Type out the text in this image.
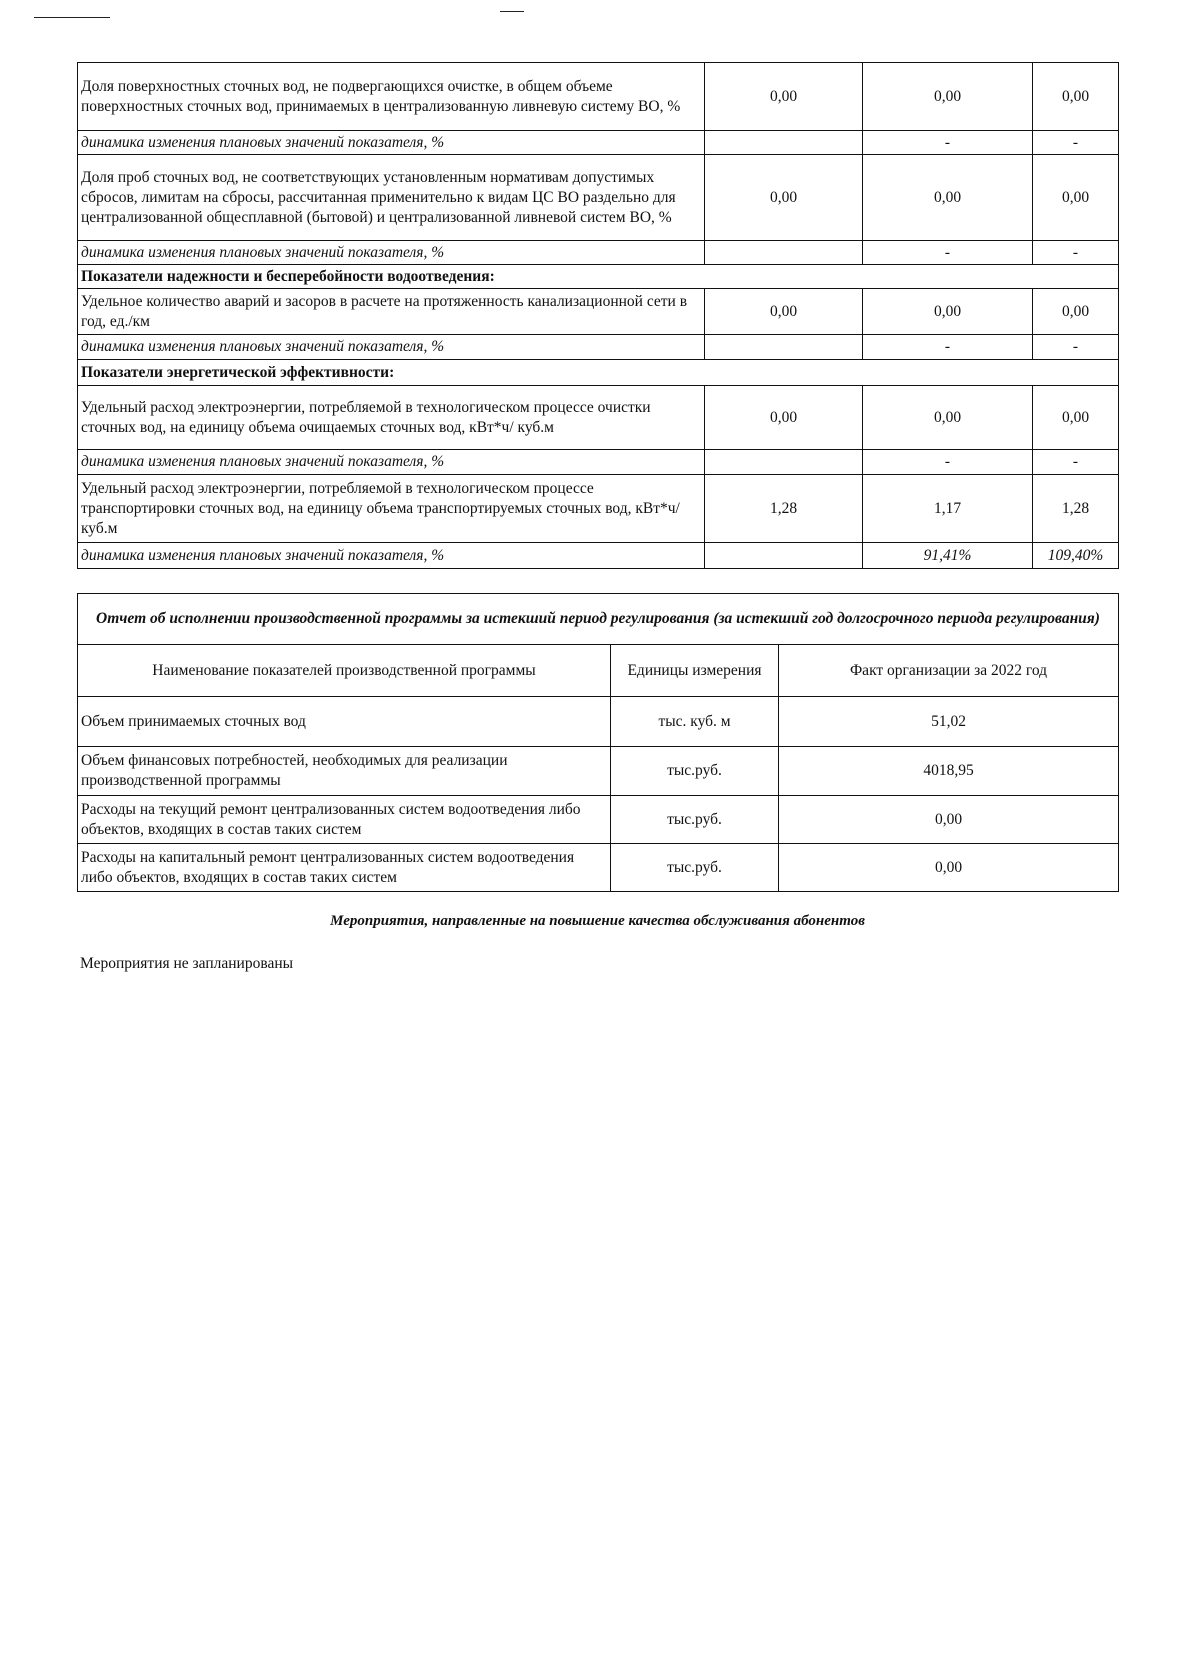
Доля поверхностных сточных вод, не подвергающихся очистке, в общем объеме поверхностных сточных вод, принимаемых в централизованную ливневую систему ВО, %	0,00	0,00	0,00
динамика изменения плановых значений показателя, %		-	-
Доля проб сточных вод, не соответствующих установленным нормативам допустимых сбросов, лимитам на сбросы, рассчитанная применительно к видам ЦС ВО раздельно для централизованной общесплавной (бытовой) и централизованной ливневой систем ВО, %	0,00	0,00	0,00
динамика изменения плановых значений показателя, %		-	-
Показатели надежности и бесперебойности водоотведения:			
Удельное количество аварий и засоров в расчете на протяженность канализационной сети в год, ед./км	0,00	0,00	0,00
динамика изменения плановых значений показателя, %		-	-
Показатели энергетической эффективности:			
Удельный расход электроэнергии, потребляемой в технологическом процессе очистки сточных вод, на единицу объема очищаемых сточных вод, кВт*ч/ куб.м	0,00	0,00	0,00
динамика изменения плановых значений показателя, %		-	-
Удельный расход электроэнергии, потребляемой в технологическом процессе транспортировки сточных вод, на единицу объема транспортируемых сточных вод, кВт*ч/ куб.м	1,28	1,17	1,28
динамика изменения плановых значений показателя, %		91,41%	109,40%
Отчет об исполнении производственной программы за истекший период регулирования (за истекший год долгосрочного периода регулирования)		
Наименование показателей производственной программы	Единицы измерения	Факт организации за 2022 год
Объем принимаемых сточных вод	тыс. куб. м	51,02
Объем финансовых потребностей, необходимых для реализации производственной программы	тыс.руб.	4018,95
Расходы на текущий ремонт централизованных систем водоотведения либо объектов, входящих в состав таких систем	тыс.руб.	0,00
Расходы на капитальный ремонт централизованных систем водоотведения либо объектов, входящих в состав таких систем	тыс.руб.	0,00
Мероприятия, направленные на повышение качества обслуживания абонентов
Мероприятия не запланированы
